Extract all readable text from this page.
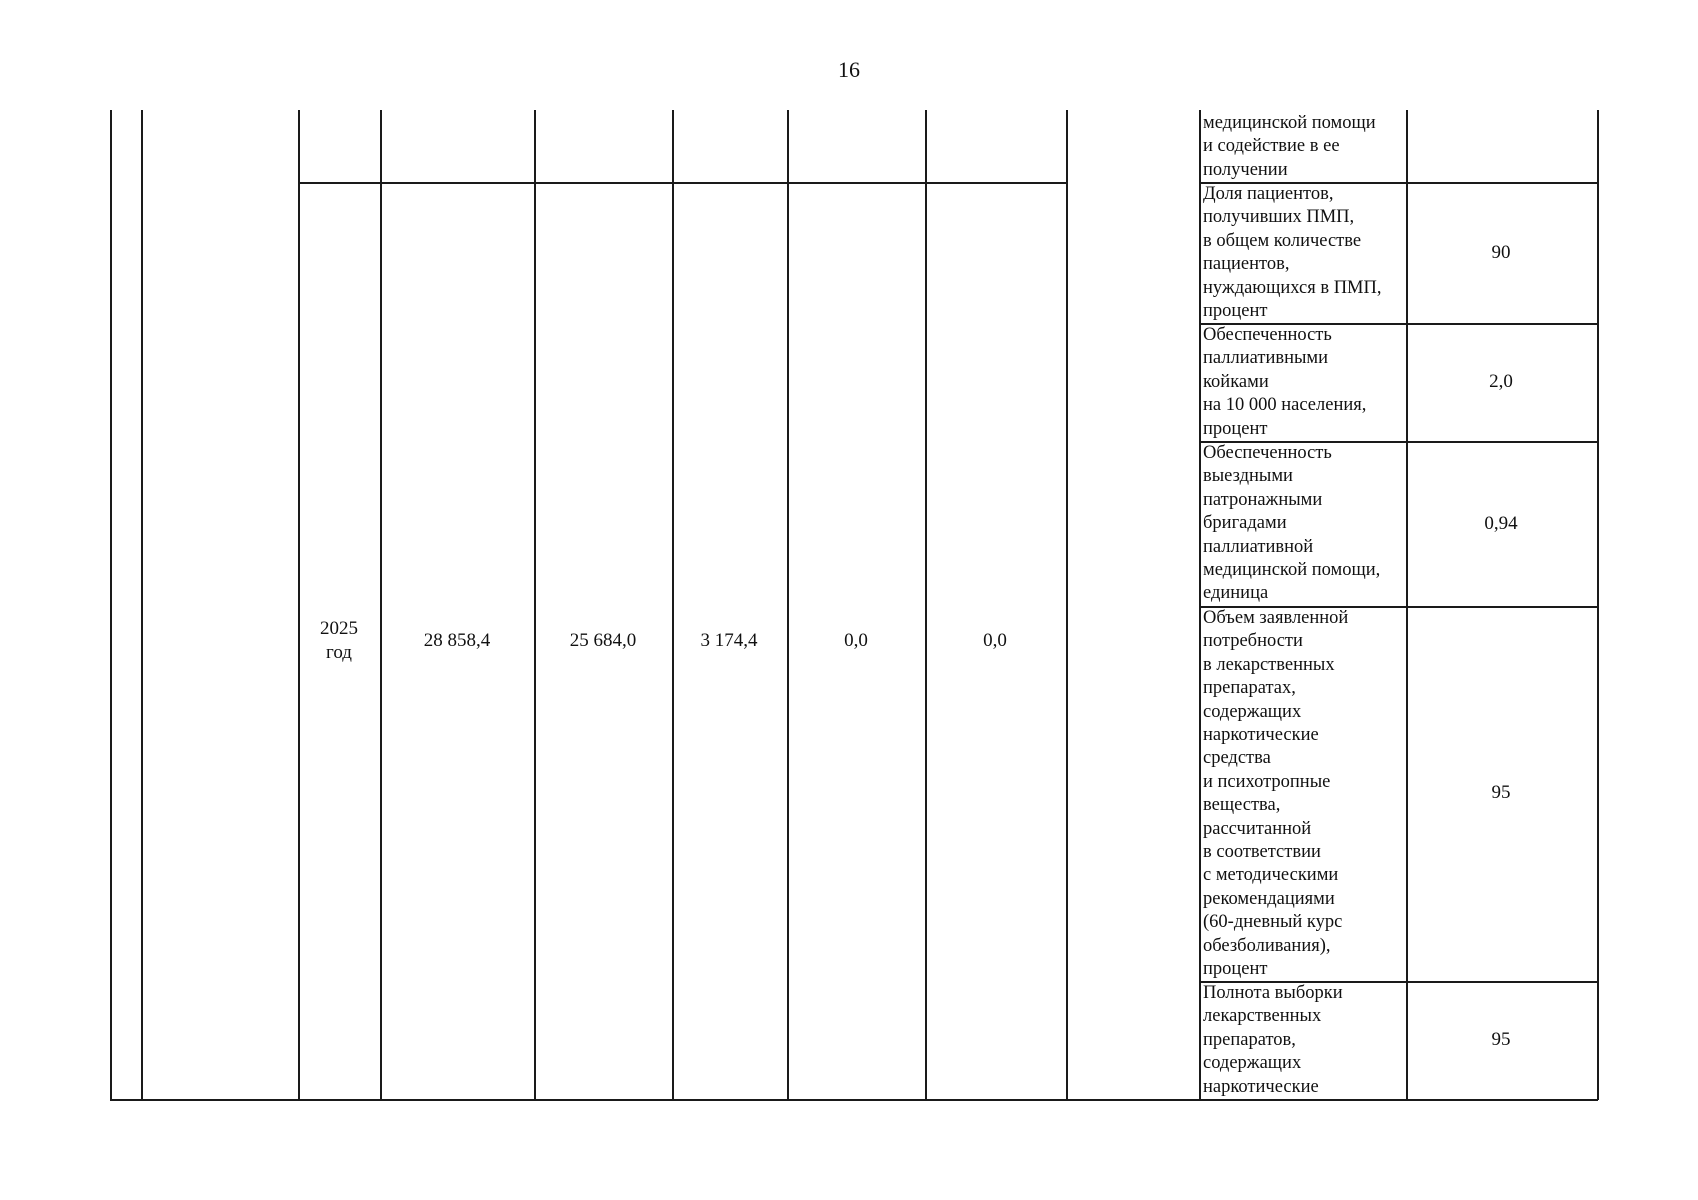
16
2025
год
28 858,4	25 684,0	3 174,4	0,0	0,0
медицинской помощи
и содействие в ее
получении
Доля пациентов,
получивших ПМП,
в общем количестве
пациентов,
нуждающихся в ПМП,
процент
90
Обеспеченность
паллиативными
койками
на 10 000 населения,
процент
2,0
Обеспеченность
выездными
патронажными
бригадами
паллиативной
медицинской помощи,
единица
0,94
Объем заявленной
потребности
в лекарственных
препаратах,
содержащих
наркотические
средства
и психотропные
вещества,
рассчитанной
в соответствии
с методическими
рекомендациями
(60-дневный курс
обезболивания),
процент
95
Полнота выборки
лекарственных
препаратов,
содержащих
наркотические
95
